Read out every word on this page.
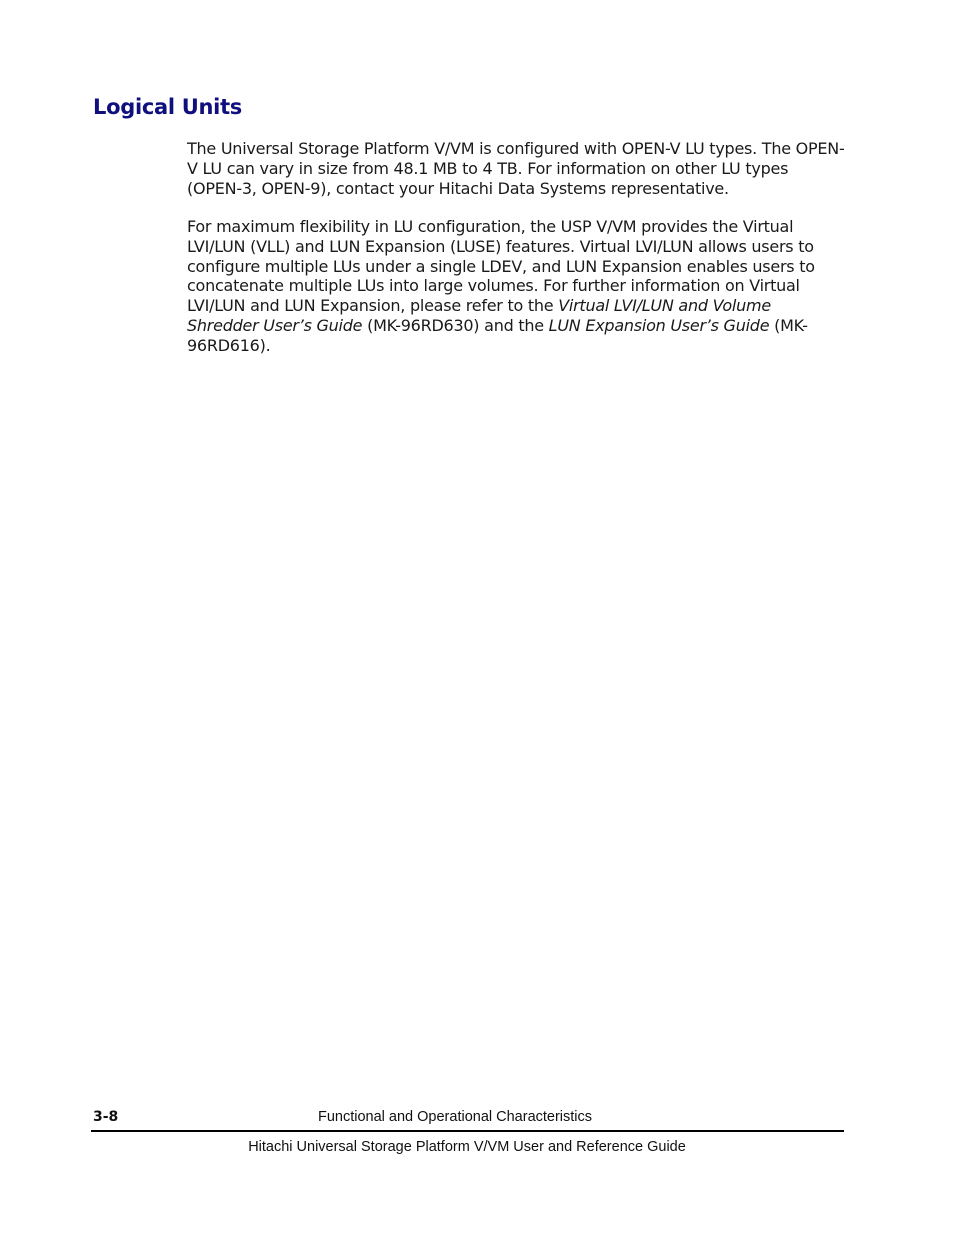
Logical Units

The Universal Storage Platform V/VM is configured with OPEN-V LU types. The OPEN-V LU can vary in size from 48.1 MB to 4 TB. For information on other LU types (OPEN-3, OPEN-9), contact your Hitachi Data Systems representative.

For maximum flexibility in LU configuration, the USP V/VM provides the Virtual LVI/LUN (VLL) and LUN Expansion (LUSE) features. Virtual LVI/LUN allows users to configure multiple LUs under a single LDEV, and LUN Expansion enables users to concatenate multiple LUs into large volumes. For further information on Virtual LVI/LUN and LUN Expansion, please refer to the Virtual LVI/LUN and Volume Shredder User’s Guide (MK-96RD630) and the LUN Expansion User’s Guide (MK-96RD616).

3-8	Functional and Operational Characteristics
Hitachi Universal Storage Platform V/VM User and Reference Guide
